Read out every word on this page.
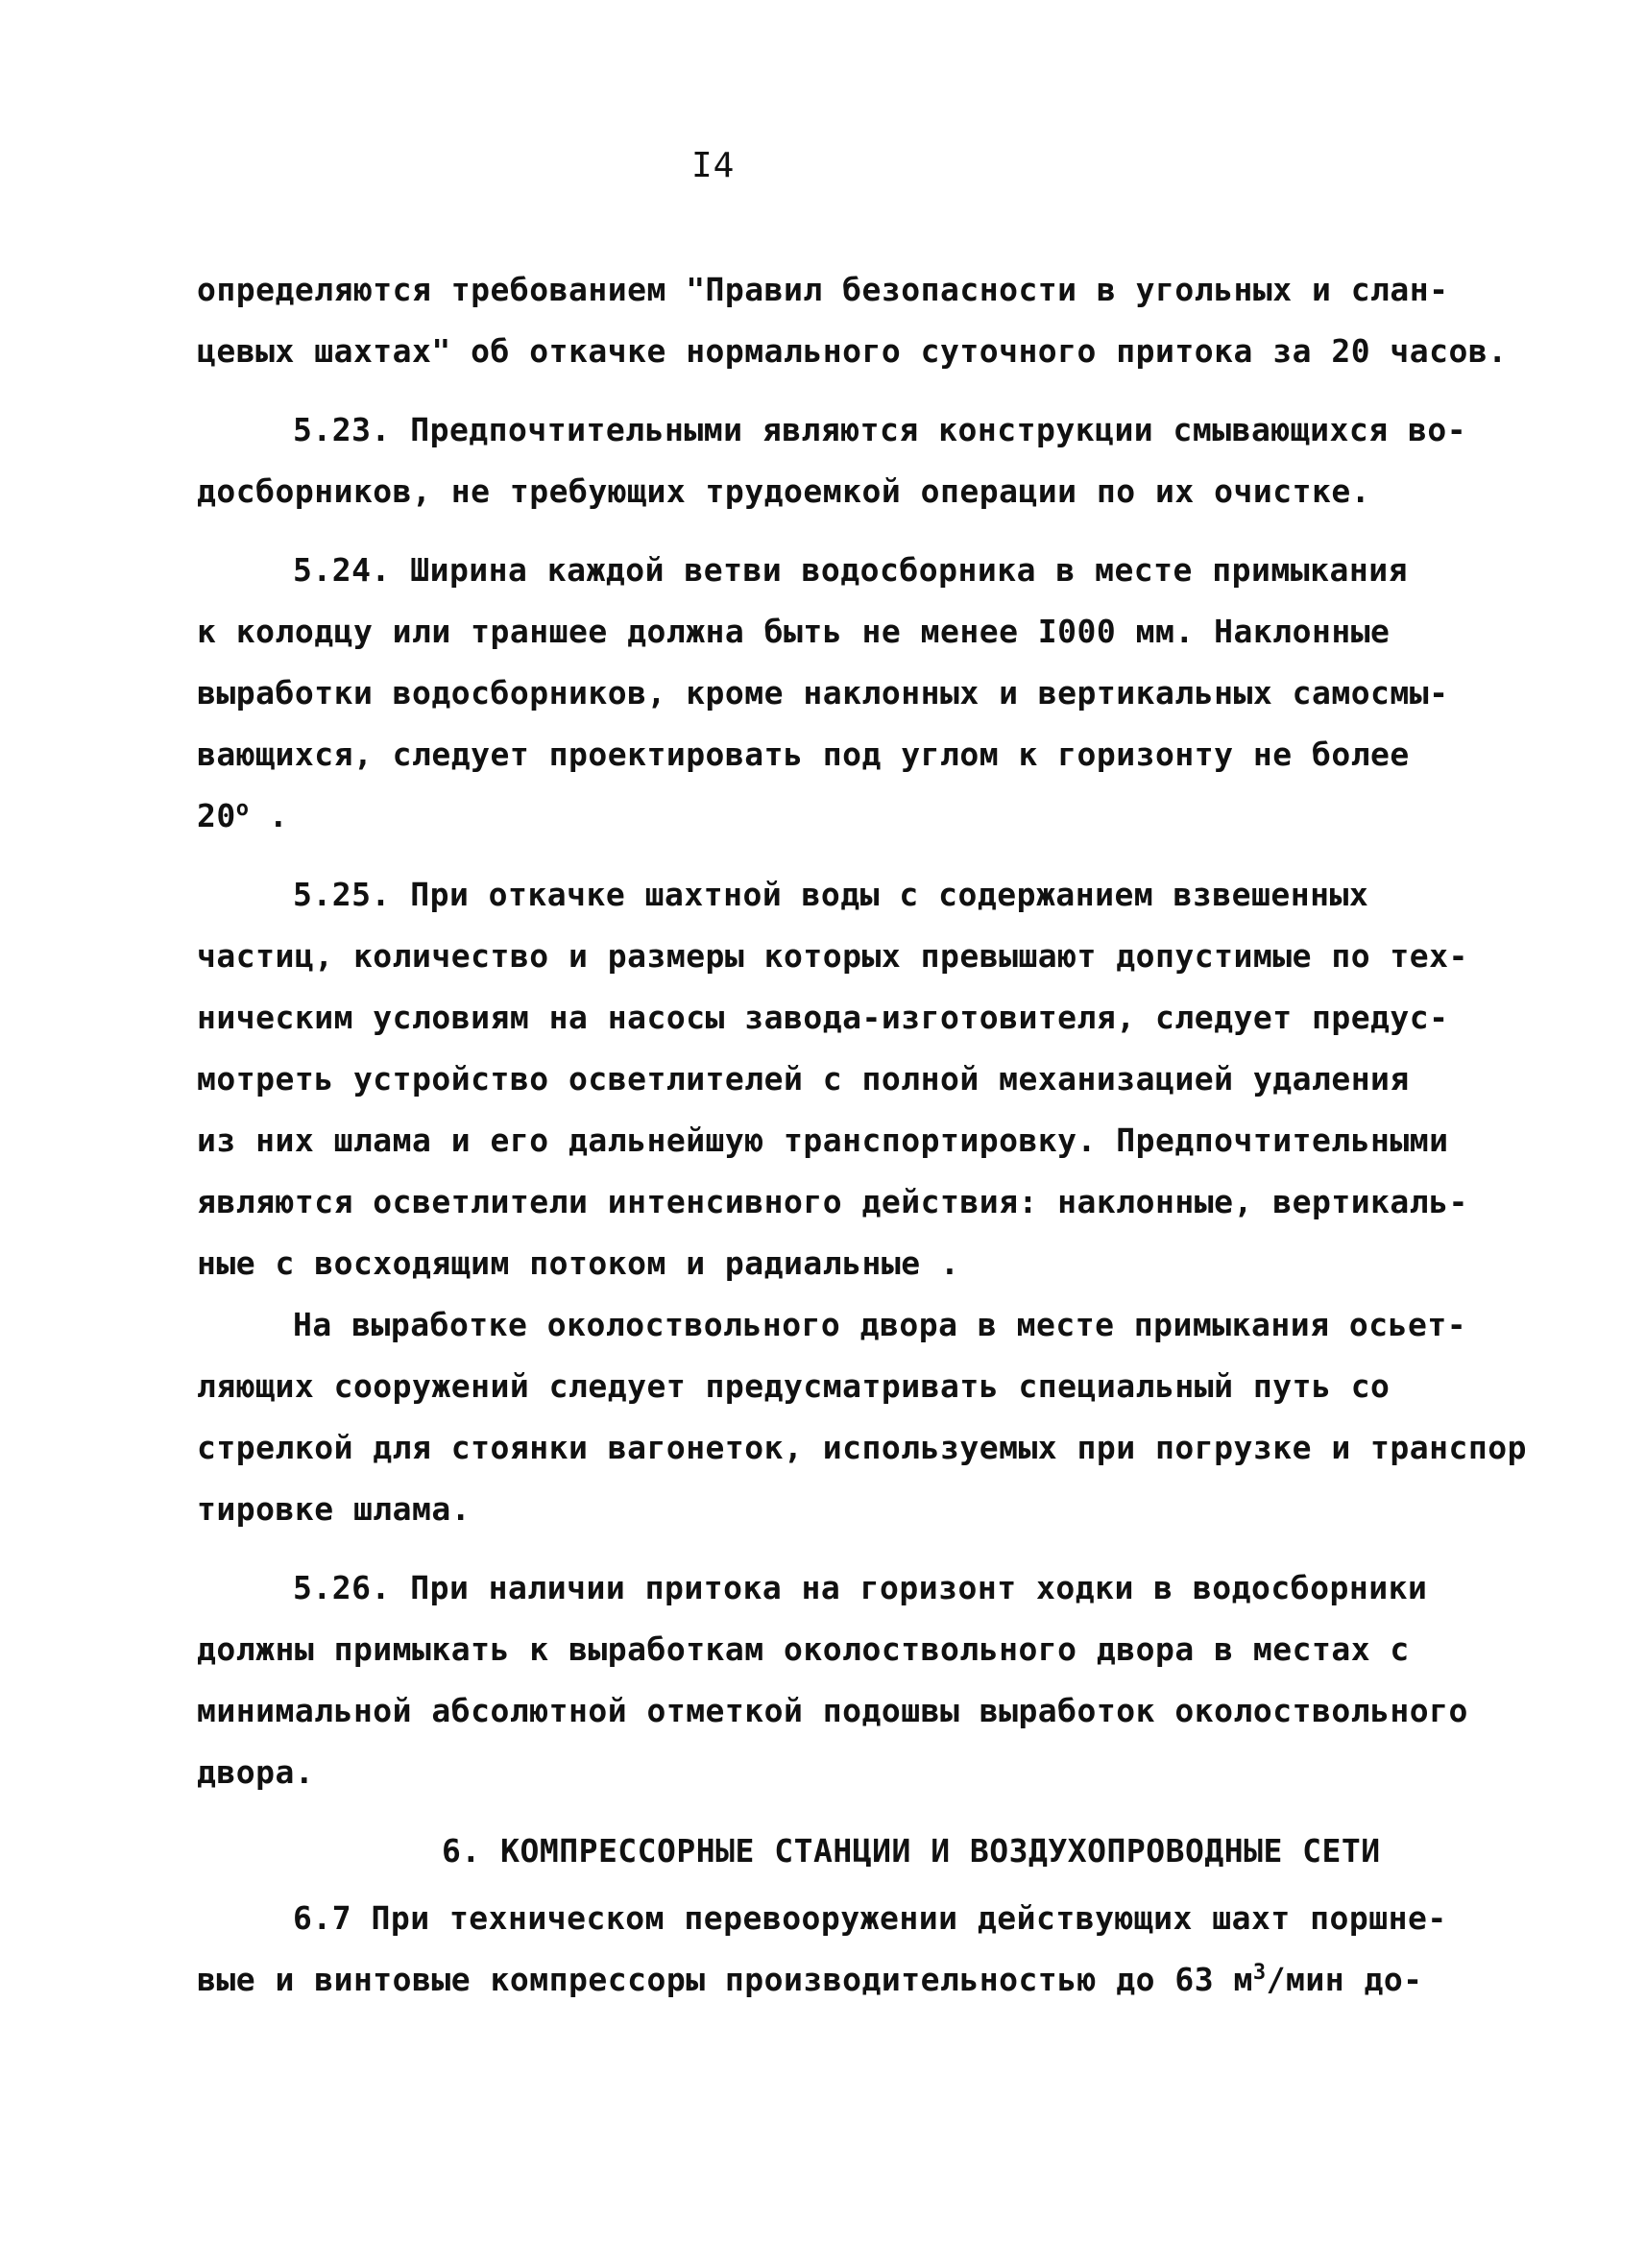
I4
определяются требованием "Правил безопасности в угольных и слан-
цевых шахтах" об откачке нормального суточного притока за 20 часов.
5.23. Предпочтительными являются конструкции смывающихся во-
досборников, не требующих трудоемкой операции по их очистке.
5.24. Ширина каждой ветви водосборника в месте примыкания
к колодцу или траншее должна быть не менее I000 мм. Наклонные
выработки водосборников, кроме наклонных и вертикальных самосмы-
вающихся, следует проектировать под углом к горизонту не более
20$^o$ .
5.25. При откачке шахтной воды с содержанием взвешенных
частиц, количество и размеры которых превышают допустимые по тех-
ническим условиям на насосы завода-изготовителя, следует предус-
мотреть устройство осветлителей с полной механизацией удаления
из них шлама и его дальнейшую транспортировку. Предпочтительными
являются осветлители интенсивного действия: наклонные, вертикаль-
ные с восходящим потоком и радиальные .
На выработке околоствольного двора в месте примыкания осьет-
ляющих сооружений следует предусматривать специальный путь со
стрелкой для стоянки вагонеток, используемых при погрузке и транспор
тировке шлама.
5.26. При наличии притока на горизонт ходки в водосборники
должны примыкать к выработкам околоствольного двора в местах с
минимальной абсолютной отметкой подошвы выработок околоствольного
двора.
6. КОМПРЕССОРНЫЕ СТАНЦИИ И ВОЗДУХОПРОВОДНЫЕ СЕТИ
6.7 При техническом перевооружении действующих шахт поршне-
вые и винтовые компрессоры производительностью до 63 $м^3$/мин до-
